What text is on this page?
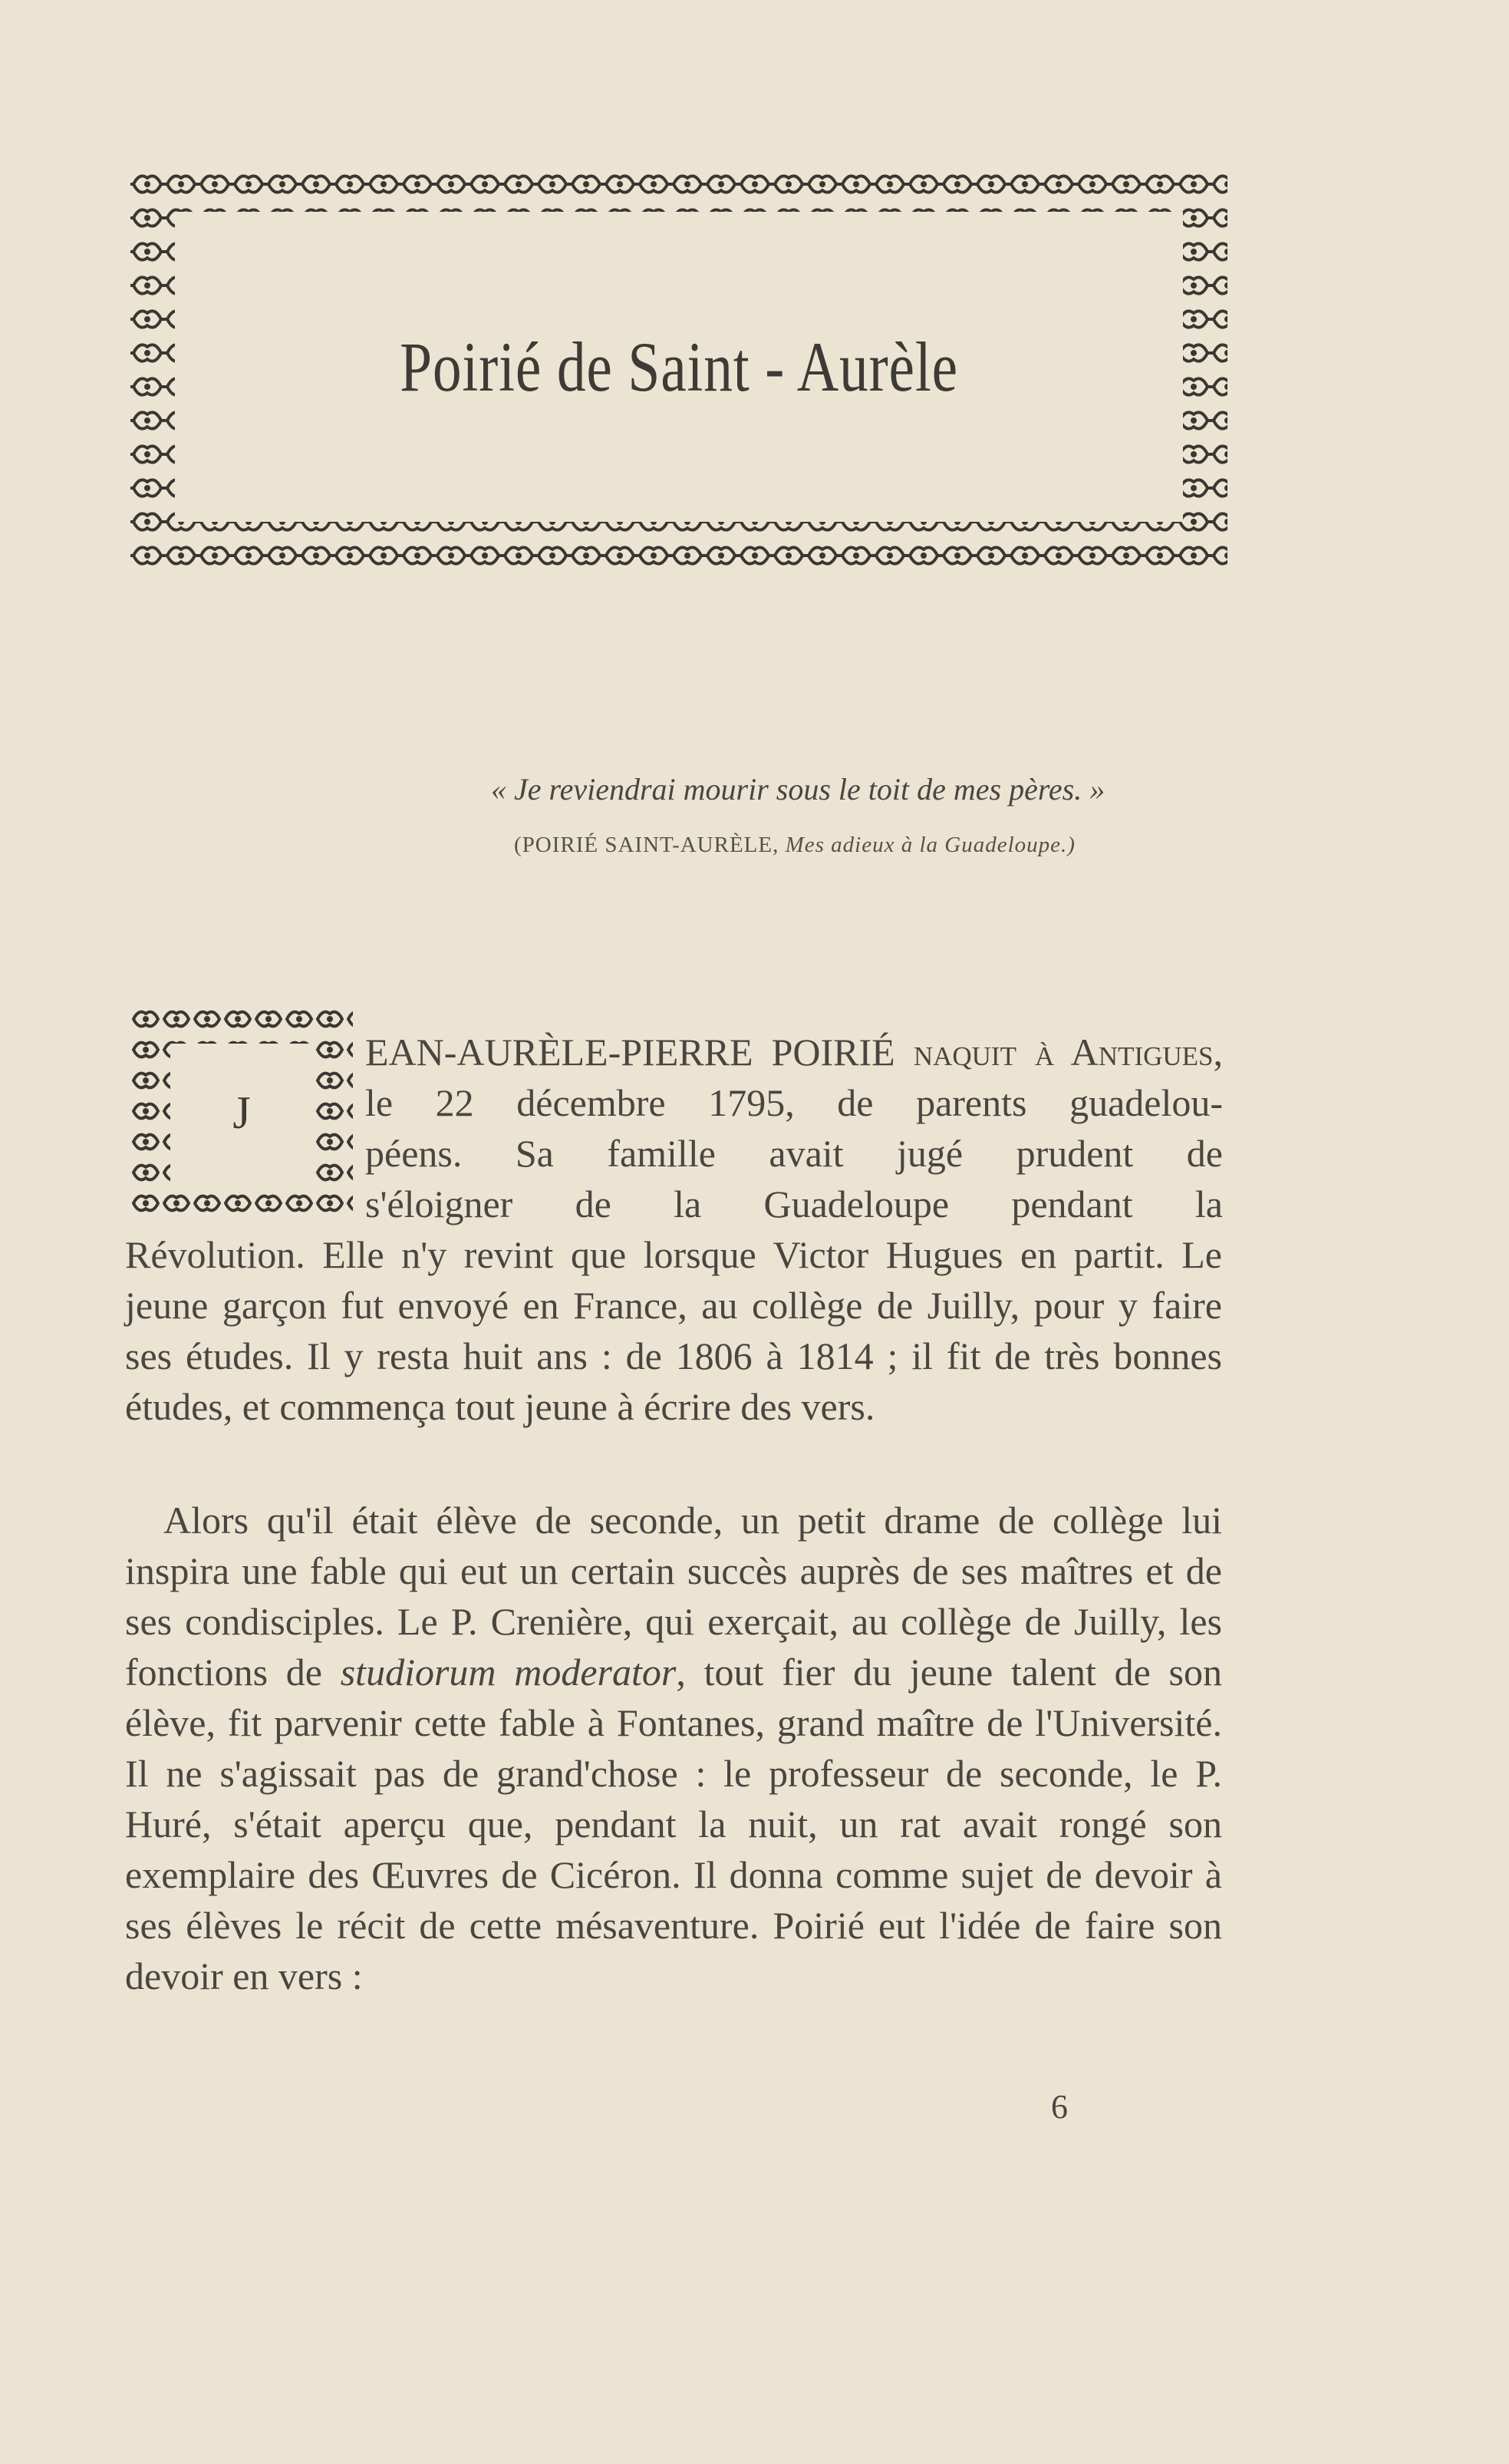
Poirié de Saint - Aurèle
« Je reviendrai mourir sous le toit de mes pères. »
(POIRIÉ SAINT-AURÈLE, Mes adieux à la Guadeloupe.)
J
EAN-AURÈLE-PIERRE POIRIÉ naquit à Antigues,
le 22 décembre 1795, de parents guadelou-
péens. Sa famille avait jugé prudent de
s'éloigner de la Guadeloupe pendant la
Révolution. Elle n'y revint que lorsque Victor Hugues en partit. Le jeune garçon fut envoyé en France, au collège de Juilly, pour y faire ses études. Il y resta huit ans : de 1806 à 1814 ; il fit de très bonnes études, et commença tout jeune à écrire des vers.
Alors qu'il était élève de seconde, un petit drame de collège lui inspira une fable qui eut un certain succès auprès de ses maîtres et de ses condisciples. Le P. Crenière, qui exerçait, au collège de Juilly, les fonctions de studiorum moderator, tout fier du jeune talent de son élève, fit parvenir cette fable à Fontanes, grand maître de l'Université. Il ne s'agissait pas de grand'chose : le professeur de seconde, le P. Huré, s'était aperçu que, pendant la nuit, un rat avait rongé son exemplaire des Œuvres de Cicéron. Il donna comme sujet de devoir à ses élèves le récit de cette mésaventure. Poirié eut l'idée de faire son devoir en vers :
6
